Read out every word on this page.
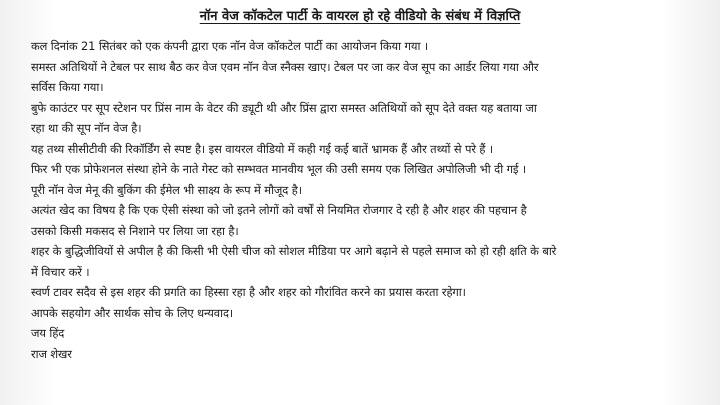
नॉन वेज कॉकटेल पार्टी के वायरल हो रहे वीडियो के संबंध में विज्ञप्ति
कल दिनांक 21 सितंबर को एक कंपनी द्वारा एक नॉन वेज कॉकटेल पार्टी का आयोजन किया गया ।
समस्त अतिथियों ने टेबल पर साथ बैठ कर वेज एवम नॉन वेज स्नैक्स खाए। टेबल पर जा कर वेज सूप का आर्डर लिया गया और
सर्विस किया गया।
बुफे काउंटर पर सूप स्टेशन पर प्रिंस नाम के वेटर की ड्यूटी थी और प्रिंस द्वारा समस्त अतिथियों को सूप देते वक्त यह बताया जा
रहा था की सूप नॉन वेज है।
यह तथ्य सीसीटीवी की रिकॉर्डिंग से स्पष्ट है। इस वायरल वीडियो में कही गई कई बातें भ्रामक हैं और तथ्यों से परे हैं ।
फिर भी एक प्रोफेशनल संस्था होने के नाते गेस्ट को सम्भवत मानवीय भूल की उसी समय एक लिखित अपोलिजी भी दी गई ।
पूरी नॉन वेज मेनू की बुकिंग की ईमेल भी साक्ष्य के रूप में मौजूद है।
अत्यंत खेद का विषय है कि एक ऐसी संस्था को जो इतने लोगों को वर्षों से नियमित रोजगार दे रही है और शहर की पहचान है
उसको किसी मकसद से निशाने पर लिया जा रहा है।
शहर के बुद्धिजीवियों से अपील है की किसी भी ऐसी चीज को सोशल मीडिया पर आगे बढ़ाने से पहले समाज को हो रही क्षति के बारे
में विचार करें ।
स्वर्ण टावर सदैव से इस शहर की प्रगति का हिस्सा रहा है और शहर को गौरांवित करने का प्रयास करता रहेगा।
आपके सहयोग और सार्थक सोच के लिए धन्यवाद।
जय हिंद
राज शेखर
